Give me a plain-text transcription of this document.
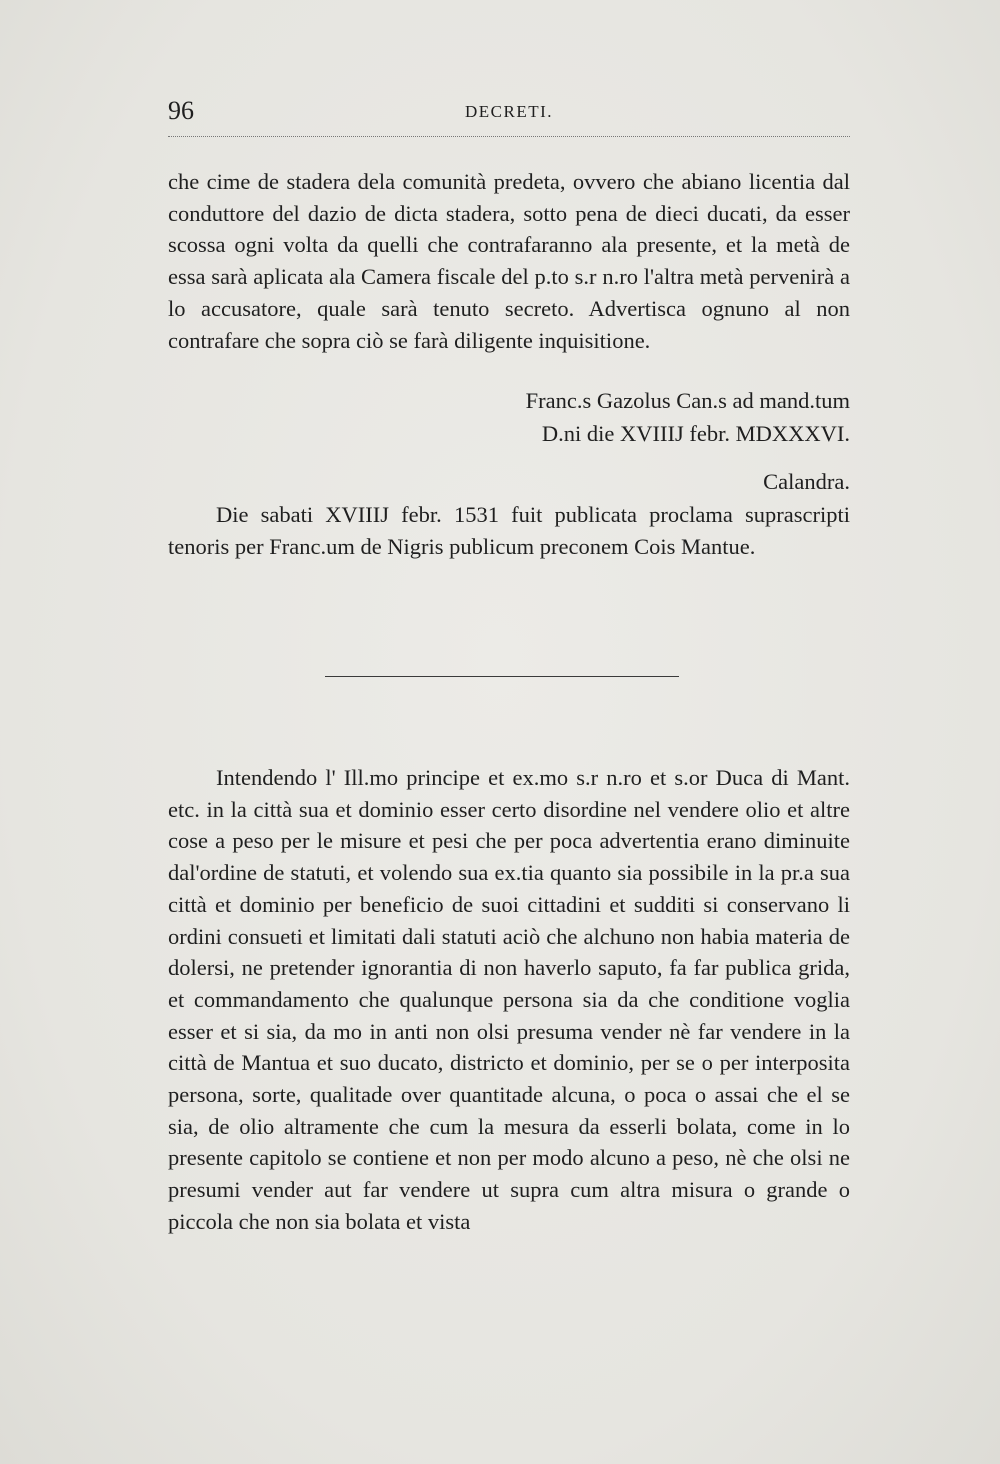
96	DECRETI.

che cime de stadera dela comunità predeta, ovvero che abiano licentia dal conduttore del dazio de dicta stadera, sotto pena de dieci ducati, da esser scossa ogni volta da quelli che contrafaranno ala presente, et la metà de essa sarà aplicata ala Camera fiscale del p.to s.r n.ro l'altra metà pervenirà a lo accusatore, quale sarà tenuto secreto. Advertisca ognuno al non contrafare che sopra ciò se farà diligente inquisitione.

Franc.s Gazolus Can.s ad mand.tum
D.ni die XVIIIJ febr. MDXXXVI.
Calandra.

Die sabati XVIIIJ febr. 1531 fuit publicata proclama suprascripti tenoris per Franc.um de Nigris publicum preconem Cois Mantue.

Intendendo l' Ill.mo principe et ex.mo s.r n.ro et s.or Duca di Mant. etc. in la città sua et dominio esser certo disordine nel vendere olio et altre cose a peso per le misure et pesi che per poca advertentia erano diminuite dal'ordine de statuti, et volendo sua ex.tia quanto sia possibile in la pr.a sua città et dominio per beneficio de suoi cittadini et sudditi si conservano li ordini consueti et limitati dali statuti aciò che alchuno non habia materia de dolersi, ne pretender ignorantia di non haverlo saputo, fa far publica grida, et commandamento che qualunque persona sia da che conditione voglia esser et si sia, da mo in anti non olsi presuma vender nè far vendere in la città de Mantua et suo ducato, districto et dominio, per se o per interposita persona, sorte, qualitade over quantitade alcuna, o poca o assai che el se sia, de olio altramente che cum la mesura da esserli bolata, come in lo presente capitolo se contiene et non per modo alcuno a peso, nè che olsi ne presumi vender aut far vendere ut supra cum altra misura o grande o piccola che non sia bolata et vista
